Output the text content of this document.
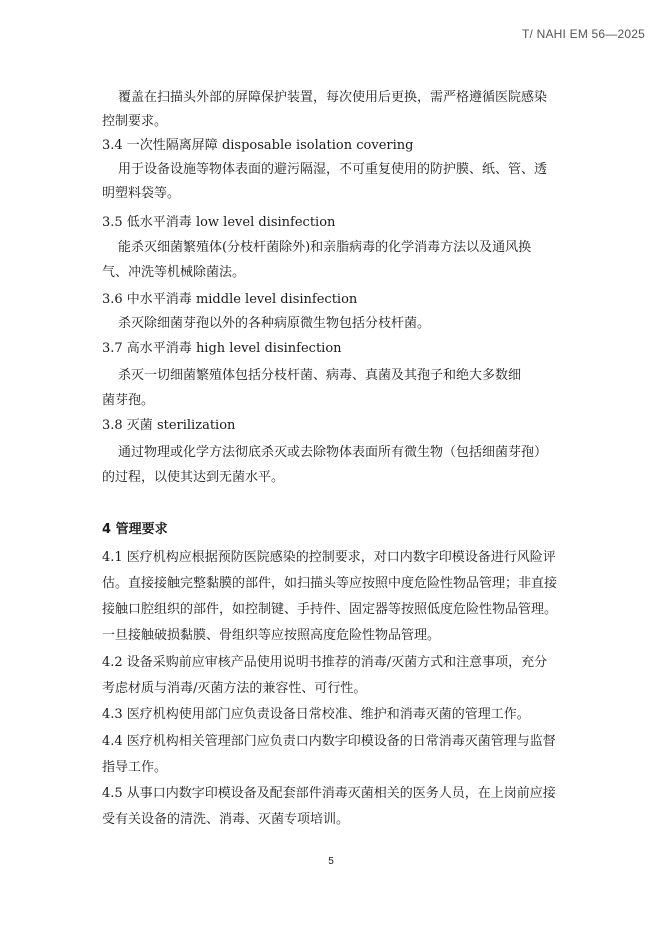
T/ NAHI EM 56—2025
覆盖在扫描头外部的屏障保护装置，每次使用后更换，需严格遵循医院感染
控制要求。
3.4 一次性隔离屏障 disposable isolation covering
用于设备设施等物体表面的避污隔湿，不可重复使用的防护膜、纸、管、透
明塑料袋等。
3.5 低水平消毒 low level disinfection
能杀灭细菌繁殖体(分枝杆菌除外)和亲脂病毒的化学消毒方法以及通风换
气、冲洗等机械除菌法。
3.6 中水平消毒 middle level disinfection
杀灭除细菌芽孢以外的各种病原微生物包括分枝杆菌。
3.7 高水平消毒 high level disinfection
杀灭一切细菌繁殖体包括分枝杆菌、病毒、真菌及其孢子和绝大多数细
菌芽孢。
3.8 灭菌 sterilization
通过物理或化学方法彻底杀灭或去除物体表面所有微生物（包括细菌芽孢）
的过程，以使其达到无菌水平。
4 管理要求
4.1 医疗机构应根据预防医院感染的控制要求，对口内数字印模设备进行风险评
估。直接接触完整黏膜的部件，如扫描头等应按照中度危险性物品管理；非直接
接触口腔组织的部件，如控制键、手持件、固定器等按照低度危险性物品管理。
一旦接触破损黏膜、骨组织等应按照高度危险性物品管理。
4.2 设备采购前应审核产品使用说明书推荐的消毒/灭菌方式和注意事项，充分
考虑材质与消毒/灭菌方法的兼容性、可行性。
4.3 医疗机构使用部门应负责设备日常校准、维护和消毒灭菌的管理工作。
4.4 医疗机构相关管理部门应负责口内数字印模设备的日常消毒灭菌管理与监督
指导工作。
4.5 从事口内数字印模设备及配套部件消毒灭菌相关的医务人员，在上岗前应接
受有关设备的清洗、消毒、灭菌专项培训。
5
